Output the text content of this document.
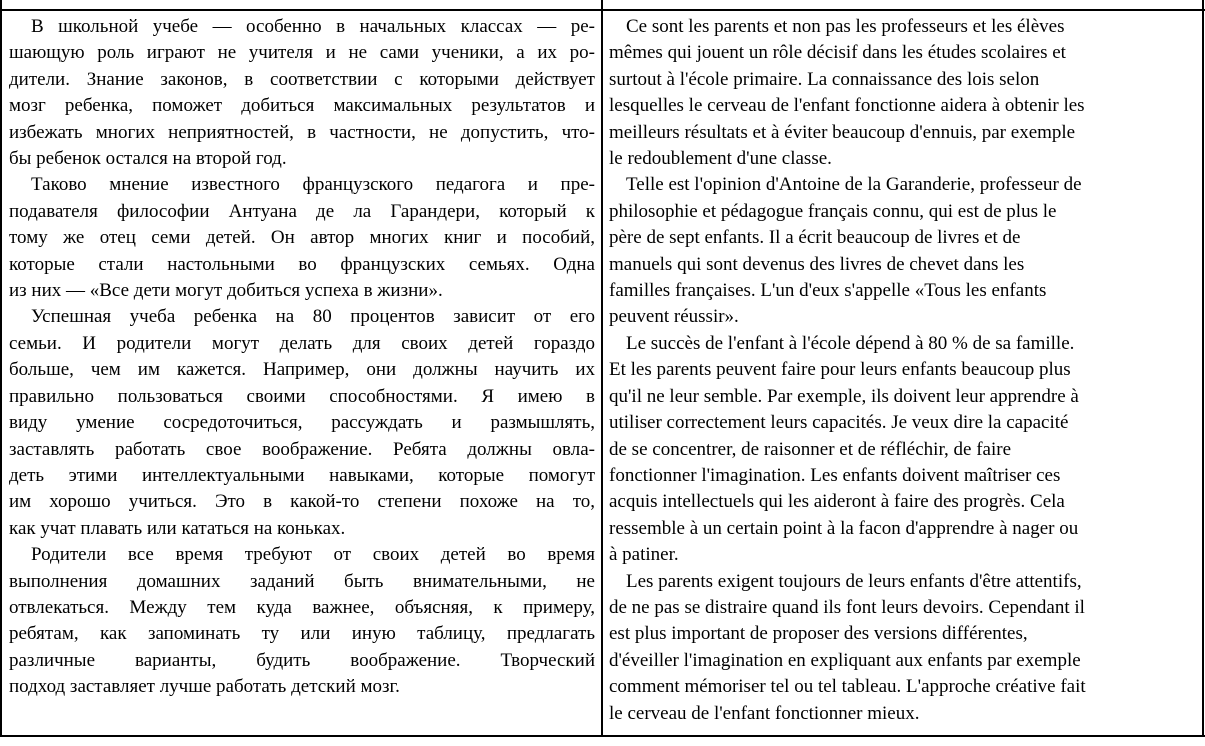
В школьной учебе — особенно в начальных классах — ре-
шающую роль играют не учителя и не сами ученики, а их ро-
дители. Знание законов, в соответствии с которыми действует
мозг ребенка, поможет добиться максимальных результатов и
избежать многих неприятностей, в частности, не допустить, что-
бы ребенок остался на второй год.
Таково мнение известного французского педагога и пре-
подавателя философии Антуана де ла Гарандери, который к
тому же отец семи детей. Он автор многих книг и пособий,
которые стали настольными во французских семьях. Одна
из них — «Все дети могут добиться успеха в жизни».
Успешная учеба ребенка на 80 процентов зависит от его
семьи. И родители могут делать для своих детей гораздо
больше, чем им кажется. Например, они должны научить их
правильно пользоваться своими способностями. Я имею в
виду умение сосредоточиться, рассуждать и размышлять,
заставлять работать свое воображение. Ребята должны овла-
деть этими интеллектуальными навыками, которые помогут
им хорошо учиться. Это в какой-то степени похоже на то,
как учат плавать или кататься на коньках.
Родители все время требуют от своих детей во время
выполнения домашних заданий быть внимательными, не
отвлекаться. Между тем куда важнее, объясняя, к примеру,
ребятам, как запоминать ту или иную таблицу, предлагать
различные варианты, будить воображение. Творческий
подход заставляет лучше работать детский мозг.
Ce sont les parents et non pas les professeurs et les élèves
mêmes qui jouent un rôle décisif dans les études scolaires et
surtout à l'école primaire. La connaissance des lois selon
lesquelles le cerveau de l'enfant fonctionne aidera à obtenir les
meilleurs résultats et à éviter beaucoup d'ennuis, par exemple
le redoublement d'une classe.
Telle est l'opinion d'Antoine de la Garanderie, professeur de
philosophie et pédagogue français connu, qui est de plus le
père de sept enfants. Il a écrit beaucoup de livres et de
manuels qui sont devenus des livres de chevet dans les
familles françaises. L'un d'eux s'appelle «Tous les enfants
peuvent réussir».
Le succès de l'enfant à l'école dépend à 80 % de sa famille.
Et les parents peuvent faire pour leurs enfants beaucoup plus
qu'il ne leur semble. Par exemple, ils doivent leur apprendre à
utiliser correctement leurs capacités. Je veux dire la capacité
de se concentrer, de raisonner et de réfléchir, de faire
fonctionner l'imagination. Les enfants doivent maîtriser ces
acquis intellectuels qui les aideront à faire des progrès. Cela
ressemble à un certain point à la facon d'apprendre à nager ou
à patiner.
Les parents exigent toujours de leurs enfants d'être attentifs,
de ne pas se distraire quand ils font leurs devoirs. Cependant il
est plus important de proposer des versions différentes,
d'éveiller l'imagination en expliquant aux enfants par exemple
comment mémoriser tel ou tel tableau. L'approche créative fait
le cerveau de l'enfant fonctionner mieux.
